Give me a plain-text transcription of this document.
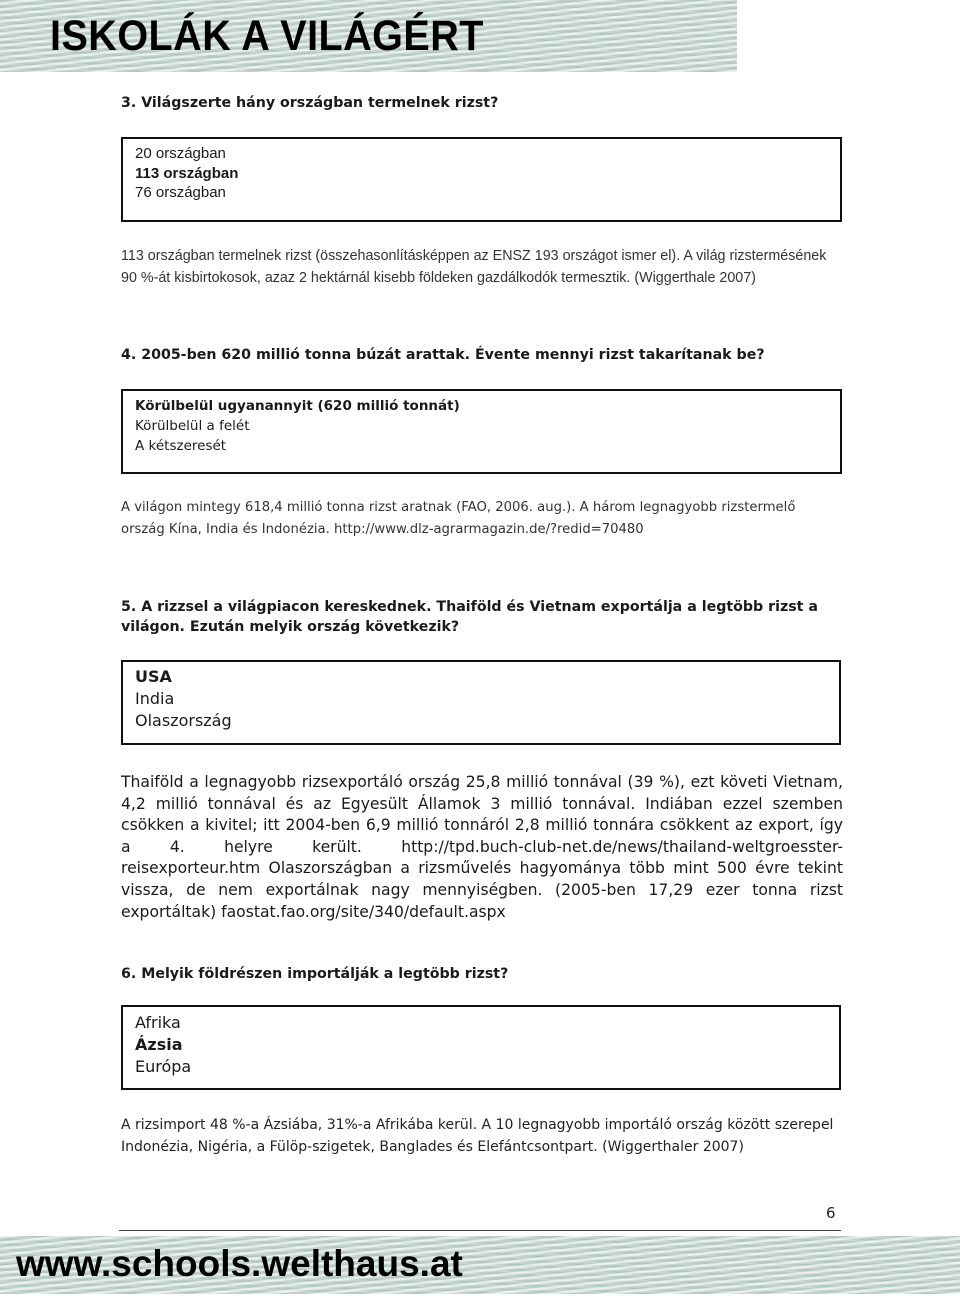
ISKOLÁK A VILÁGÉRT

3. Világszerte hány országban termelnek rizst?

20 országban
113 országban
76 országban

113 országban termelnek rizst (összehasonlításképpen az ENSZ 193 országot ismer el). A világ rizstermésének 90 %-át kisbirtokosok, azaz 2 hektárnál kisebb földeken gazdálkodók termesztik. (Wiggerthale 2007)

4. 2005-ben 620 millió tonna búzát arattak. Évente mennyi rizst takarítanak be?

Körülbelül ugyanannyit (620 millió tonnát)
Körülbelül a felét
A kétszeresét

A világon mintegy 618,4 millió tonna rizst aratnak (FAO, 2006. aug.). A három legnagyobb rizstermelő ország Kína, India és Indonézia. http://www.dlz-agrarmagazin.de/?redid=70480

5. A rizzsel a világpiacon kereskednek. Thaiföld és Vietnam exportálja a legtöbb rizst a világon. Ezután melyik ország következik?

USA
India
Olaszország

Thaiföld a legnagyobb rizsexportáló ország 25,8 millió tonnával (39 %), ezt követi Vietnam, 4,2 millió tonnával és az Egyesült Államok 3 millió tonnával. Indiában ezzel szemben csökken a kivitel; itt 2004-ben 6,9 millió tonnáról 2,8 millió tonnára csökkent az export, így a 4. helyre került. http://tpd.buch-club-net.de/news/thailand-weltgroesster-reisexporteur.htm Olaszországban a rizsművelés hagyománya több mint 500 évre tekint vissza, de nem exportálnak nagy mennyiségben. (2005-ben 17,29 ezer tonna rizst exportáltak) faostat.fao.org/site/340/default.aspx

6. Melyik földrészen importálják a legtöbb rizst?

Afrika
Ázsia
Európa

A rizsimport 48 %-a Ázsiába, 31%-a Afrikába kerül. A 10 legnagyobb importáló ország között szerepel Indonézia, Nigéria, a Fülöp-szigetek, Banglades és Elefántcsontpart. (Wiggerthaler 2007)

6

www.schools.welthaus.at
